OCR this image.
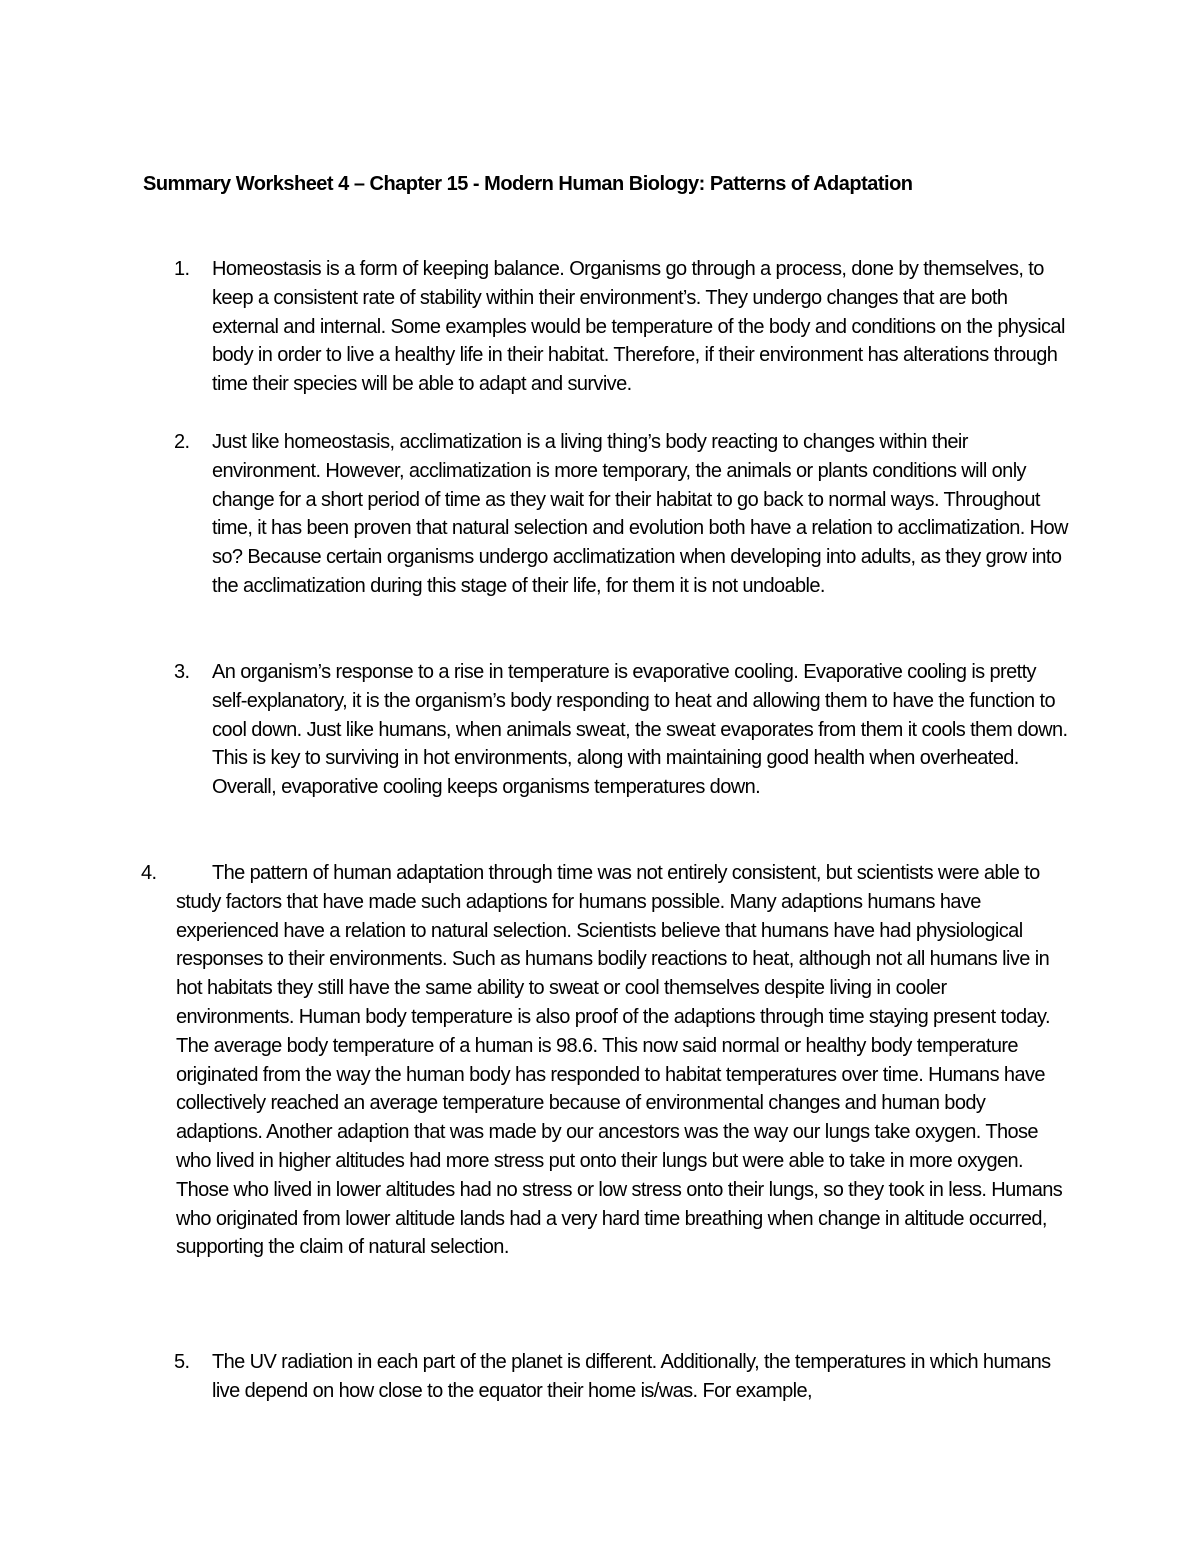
Summary Worksheet 4 – Chapter 15 - Modern Human Biology: Patterns of Adaptation
1. Homeostasis is a form of keeping balance. Organisms go through a process, done by themselves, to keep a consistent rate of stability within their environment’s. They undergo changes that are both external and internal. Some examples would be temperature of the body and conditions on the physical body in order to live a healthy life in their habitat. Therefore, if their environment has alterations through time their species will be able to adapt and survive.
2. Just like homeostasis, acclimatization is a living thing’s body reacting to changes within their environment. However, acclimatization is more temporary, the animals or plants conditions will only change for a short period of time as they wait for their habitat to go back to normal ways. Throughout time, it has been proven that natural selection and evolution both have a relation to acclimatization. How so? Because certain organisms undergo acclimatization when developing into adults, as they grow into the acclimatization during this stage of their life, for them it is not undoable.
3. An organism’s response to a rise in temperature is evaporative cooling. Evaporative cooling is pretty self-explanatory, it is the organism’s body responding to heat and allowing them to have the function to cool down. Just like humans, when animals sweat, the sweat evaporates from them it cools them down. This is key to surviving in hot environments, along with maintaining good health when overheated. Overall, evaporative cooling keeps organisms temperatures down.
4.	The pattern of human adaptation through time was not entirely consistent, but scientists were able to study factors that have made such adaptions for humans possible. Many adaptions humans have experienced have a relation to natural selection. Scientists believe that humans have had physiological responses to their environments. Such as humans bodily reactions to heat, although not all humans live in hot habitats they still have the same ability to sweat or cool themselves despite living in cooler environments. Human body temperature is also proof of the adaptions through time staying present today. The average body temperature of a human is 98.6. This now said normal or healthy body temperature originated from the way the human body has responded to habitat temperatures over time. Humans have collectively reached an average temperature because of environmental changes and human body adaptions. Another adaption that was made by our ancestors was the way our lungs take oxygen. Those who lived in higher altitudes had more stress put onto their lungs but were able to take in more oxygen. Those who lived in lower altitudes had no stress or low stress onto their lungs, so they took in less. Humans who originated from lower altitude lands had a very hard time breathing when change in altitude occurred, supporting the claim of natural selection.
5. The UV radiation in each part of the planet is different. Additionally, the temperatures in which humans live depend on how close to the equator their home is/was. For example,
